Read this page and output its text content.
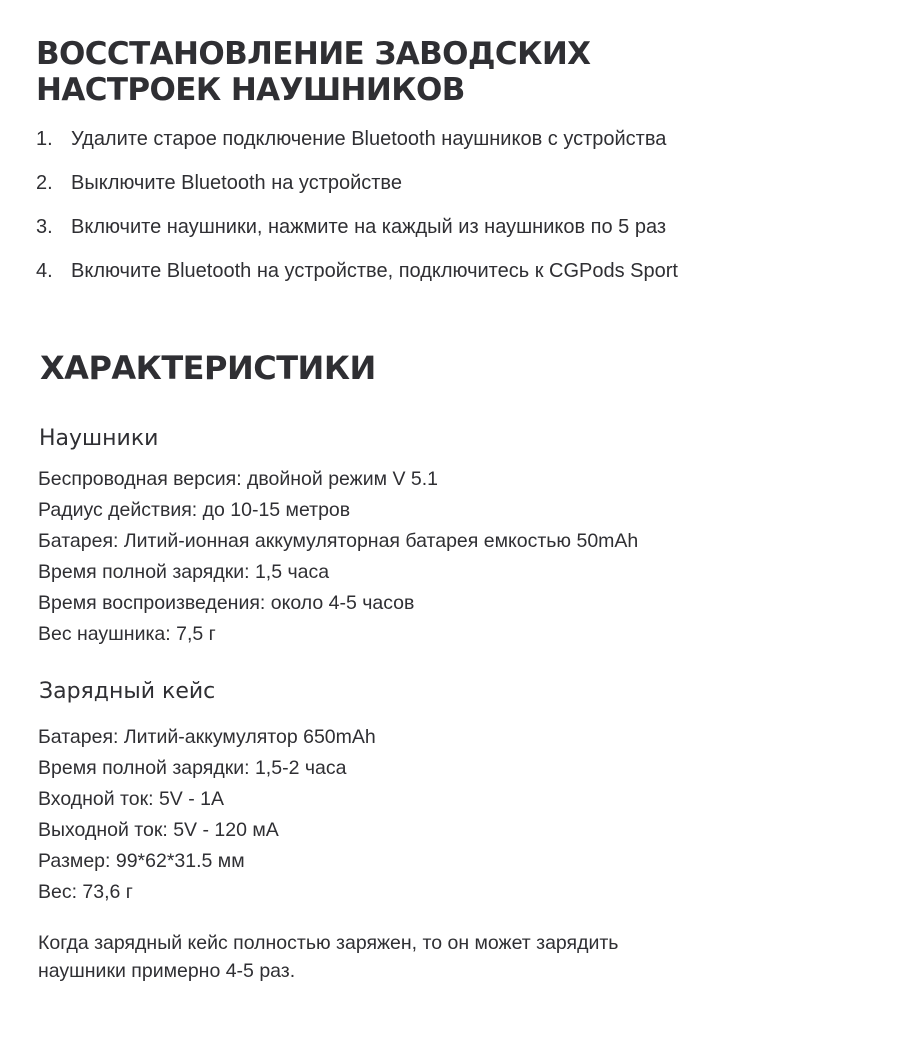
ВОССТАНОВЛЕНИЕ ЗАВОДСКИХ
НАСТРОЕК НАУШНИКОВ
1. Удалите старое подключение Bluetooth наушников с устройства
2. Выключите Bluetooth на устройстве
3. Включите наушники, нажмите на каждый из наушников по 5 раз
4. Включите Bluetooth на устройстве, подключитесь к CGPods Sport
ХАРАКТЕРИСТИКИ
Наушники
Беспроводная версия: двойной режим V 5.1
Радиус действия: до 10-15 метров
Батарея: Литий-ионная аккумуляторная батарея емкостью 50mAh
Время полной зарядки: 1,5 часа
Время воспроизведения: около 4-5 часов
Вес наушника: 7,5 г
Зарядный кейс
Батарея: Литий-аккумулятор 650mAh
Время полной зарядки: 1,5-2 часа
Входной ток: 5V - 1A
Выходной ток: 5V - 120 мA
Размер: 99*62*31.5 мм
Вес: 73,6 г

Когда зарядный кейс полностью заряжен, то он может зарядить
наушники примерно 4-5 раз.
